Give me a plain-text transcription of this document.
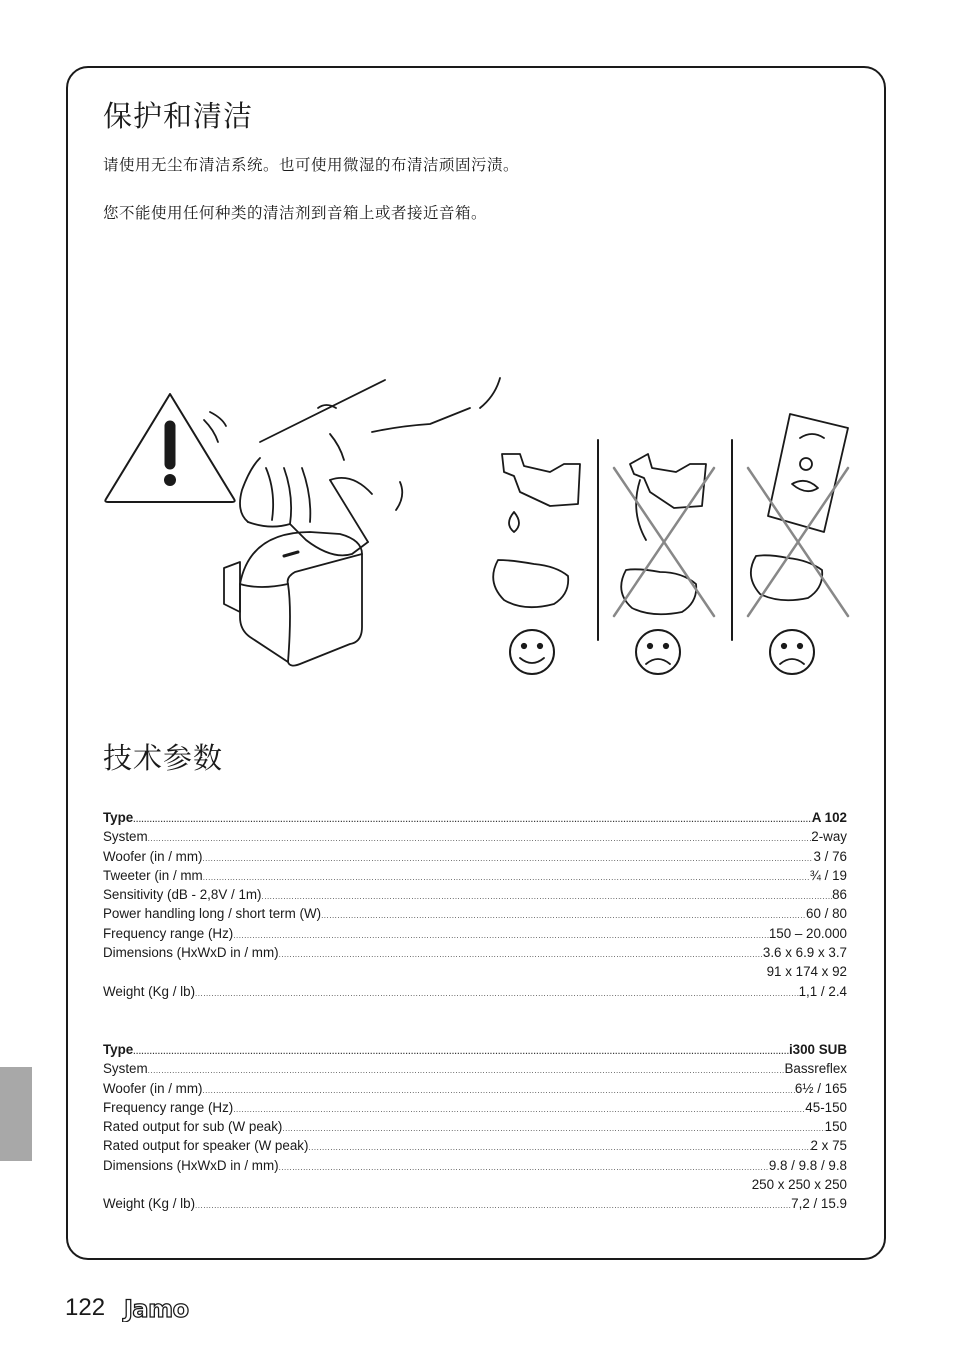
保护和清洁

请使用无尘布清洁系统。也可使用微湿的布清洁顽固污渍。

您不能使用任何种类的清洁剂到音箱上或者接近音箱。

技术参数
Type .....	A 102
System .....	2-way
Woofer (in / mm) .....	3 / 76
Tweeter (in / mm .....	¾ / 19
Sensitivity (dB - 2,8V / 1m) .....	86
Power handling long / short term (W) .....	60 / 80
Frequency range (Hz) .....	150 – 20.000
Dimensions (HxWxD in / mm) .....	3.6 x 6.9 x 3.7
91 x 174 x 92
Weight (Kg / lb) .....	1,1 / 2.4
Type .....	i300 SUB
System .....	Bassreflex
Woofer (in / mm) .....	6½ / 165
Frequency range (Hz) .....	45-150
Rated output for sub (W peak) .....	150
Rated output for speaker (W peak) .....	2 x 75
Dimensions (HxWxD in / mm) .....	9.8 / 9.8 / 9.8
250 x 250 x 250
Weight (Kg / lb) .....	7,2 / 15.9
122 Jamo
